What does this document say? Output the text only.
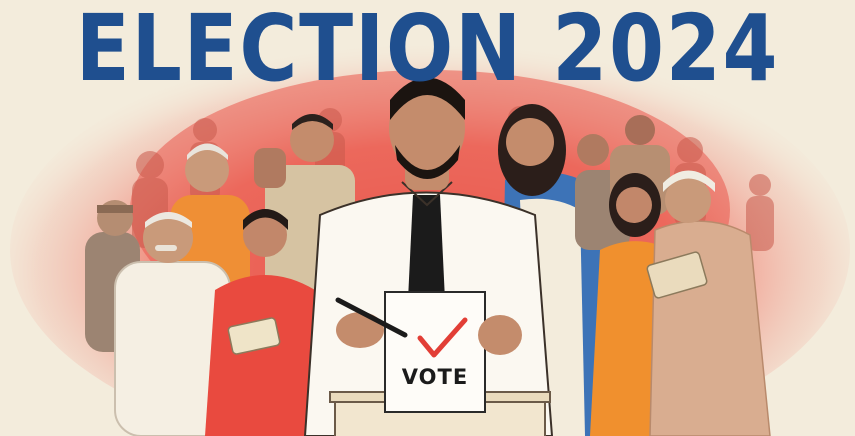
VOTE
ELECTION 2024
